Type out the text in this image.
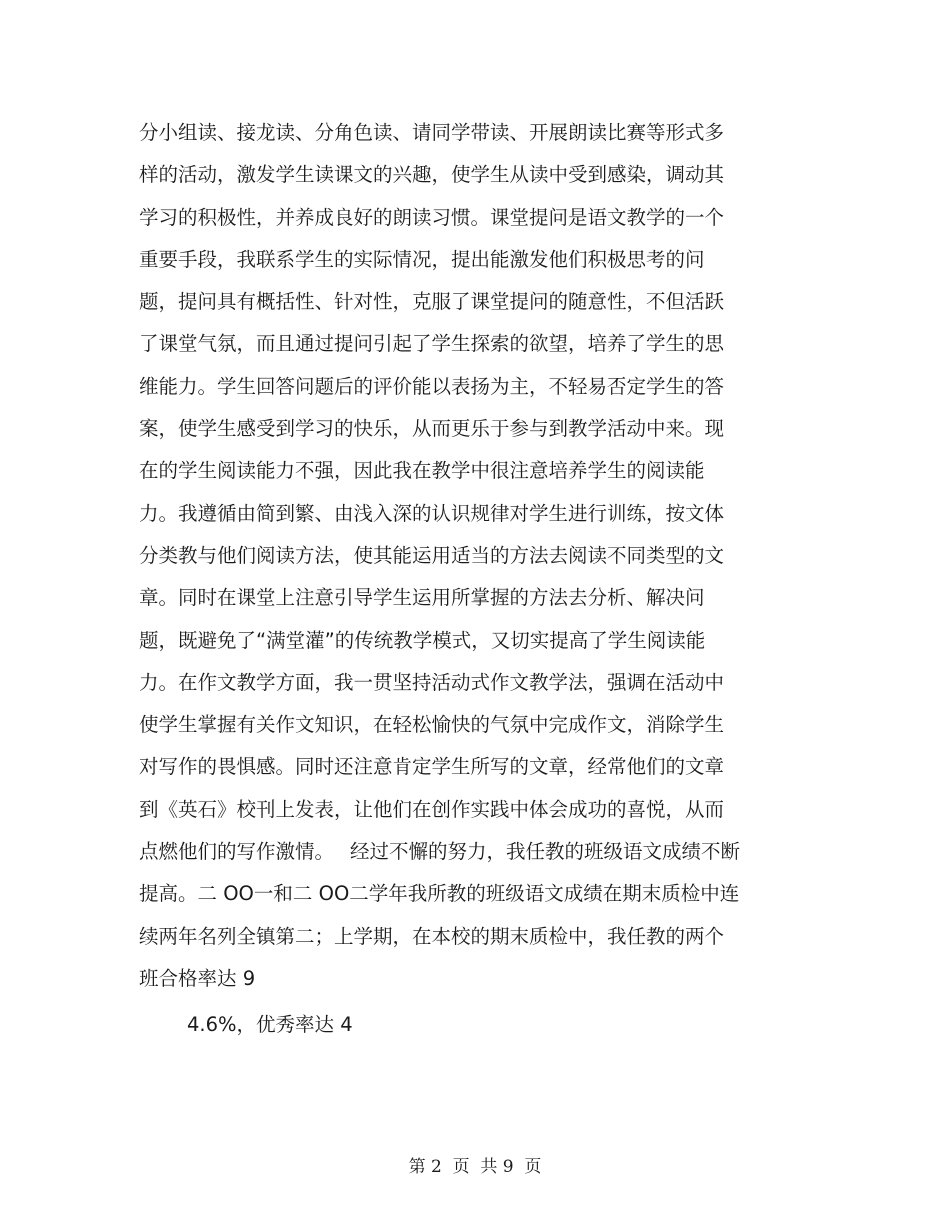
分小组读、接龙读、分角色读、请同学带读、开展朗读比赛等形式多
样的活动，激发学生读课文的兴趣，使学生从读中受到感染，调动其
学习的积极性，并养成良好的朗读习惯。课堂提问是语文教学的一个
重要手段，我联系学生的实际情况，提出能激发他们积极思考的问
题，提问具有概括性、针对性，克服了课堂提问的随意性，不但活跃
了课堂气氛，而且通过提问引起了学生探索的欲望，培养了学生的思
维能力。学生回答问题后的评价能以表扬为主，不轻易否定学生的答
案，使学生感受到学习的快乐，从而更乐于参与到教学活动中来。现
在的学生阅读能力不强，因此我在教学中很注意培养学生的阅读能
力。我遵循由简到繁、由浅入深的认识规律对学生进行训练，按文体
分类教与他们阅读方法，使其能运用适当的方法去阅读不同类型的文
章。同时在课堂上注意引导学生运用所掌握的方法去分析、解决问
题，既避免了“满堂灌”的传统教学模式，又切实提高了学生阅读能
力。在作文教学方面，我一贯坚持活动式作文教学法，强调在活动中
使学生掌握有关作文知识，在轻松愉快的气氛中完成作文，消除学生
对写作的畏惧感。同时还注意肯定学生所写的文章，经常他们的文章
到《英石》校刊上发表，让他们在创作实践中体会成功的喜悦，从而
点燃他们的写作激情。　 经过不懈的努力，我任教的班级语文成绩不断
提高。二 OO一和二 OO二学年我所教的班级语文成绩在期末质检中连
续两年名列全镇第二；上学期，在本校的期末质检中，我任教的两个
班合格率达 9
4.6%，优秀率达 4
第 2  页  共 9  页
